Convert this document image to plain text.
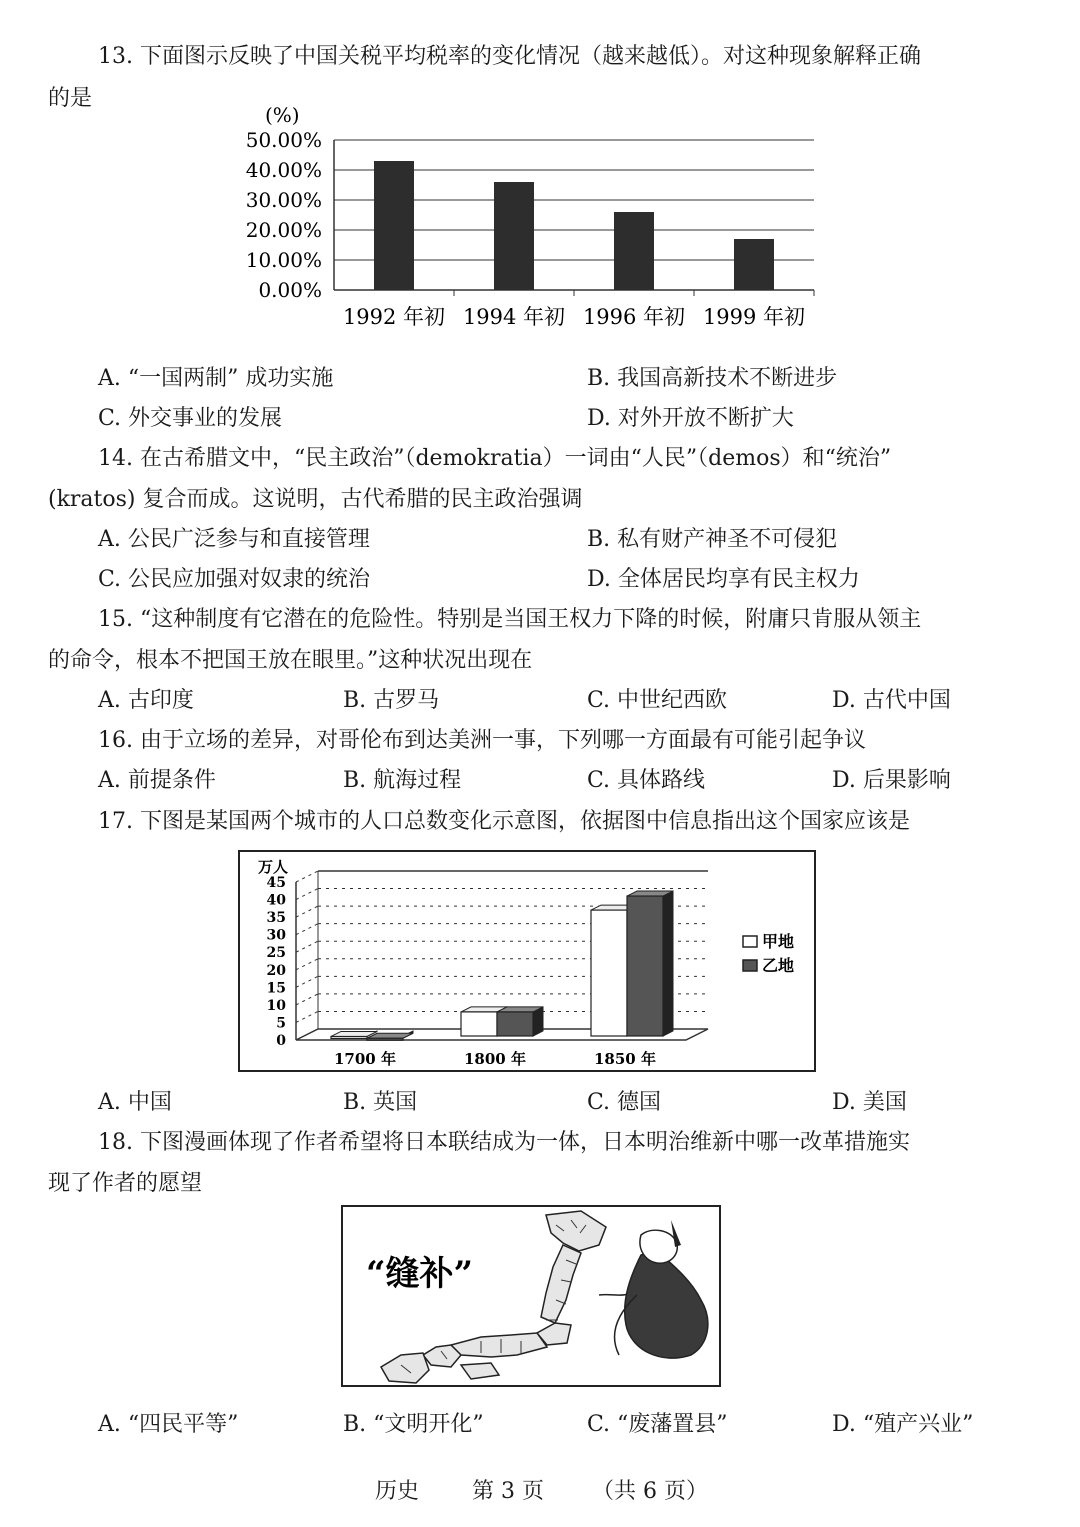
13. 下面图示反映了中国关税平均税率的变化情况（越来越低）。对这种现象解释正确
的是
(%)
50.00%
40.00%
30.00%
20.00%
10.00%
0.00%
1992 年初 1994 年初 1996 年初 1999 年初
A. “一国两制” 成功实施	B. 我国高新技术不断进步
C. 外交事业的发展	D. 对外开放不断扩大
14. 在古希腊文中，“民主政治”（demokratia）一词由“人民”（demos）和“统治”
(kratos) 复合而成。这说明，古代希腊的民主政治强调
A. 公民广泛参与和直接管理	B. 私有财产神圣不可侵犯
C. 公民应加强对奴隶的统治	D. 全体居民均享有民主权力
15. “这种制度有它潜在的危险性。特别是当国王权力下降的时候，附庸只肯服从领主
的命令，根本不把国王放在眼里。”这种状况出现在
A. 古印度	B. 古罗马	C. 中世纪西欧	D. 古代中国
16. 由于立场的差异，对哥伦布到达美洲一事，下列哪一方面最有可能引起争议
A. 前提条件	B. 航海过程	C. 具体路线	D. 后果影响
17. 下图是某国两个城市的人口总数变化示意图，依据图中信息指出这个国家应该是
万人
45
40
35
30
25
20
15
10
5
0
1700 年	1800 年	1850 年
甲地
乙地
A. 中国	B. 英国	C. 德国	D. 美国
18. 下图漫画体现了作者希望将日本联结成为一体，日本明治维新中哪一改革措施实
现了作者的愿望
“缝补”
A. “四民平等”	B. “文明开化”	C. “废藩置县”	D. “殖产兴业”
历史 第 3 页 （共 6 页）
